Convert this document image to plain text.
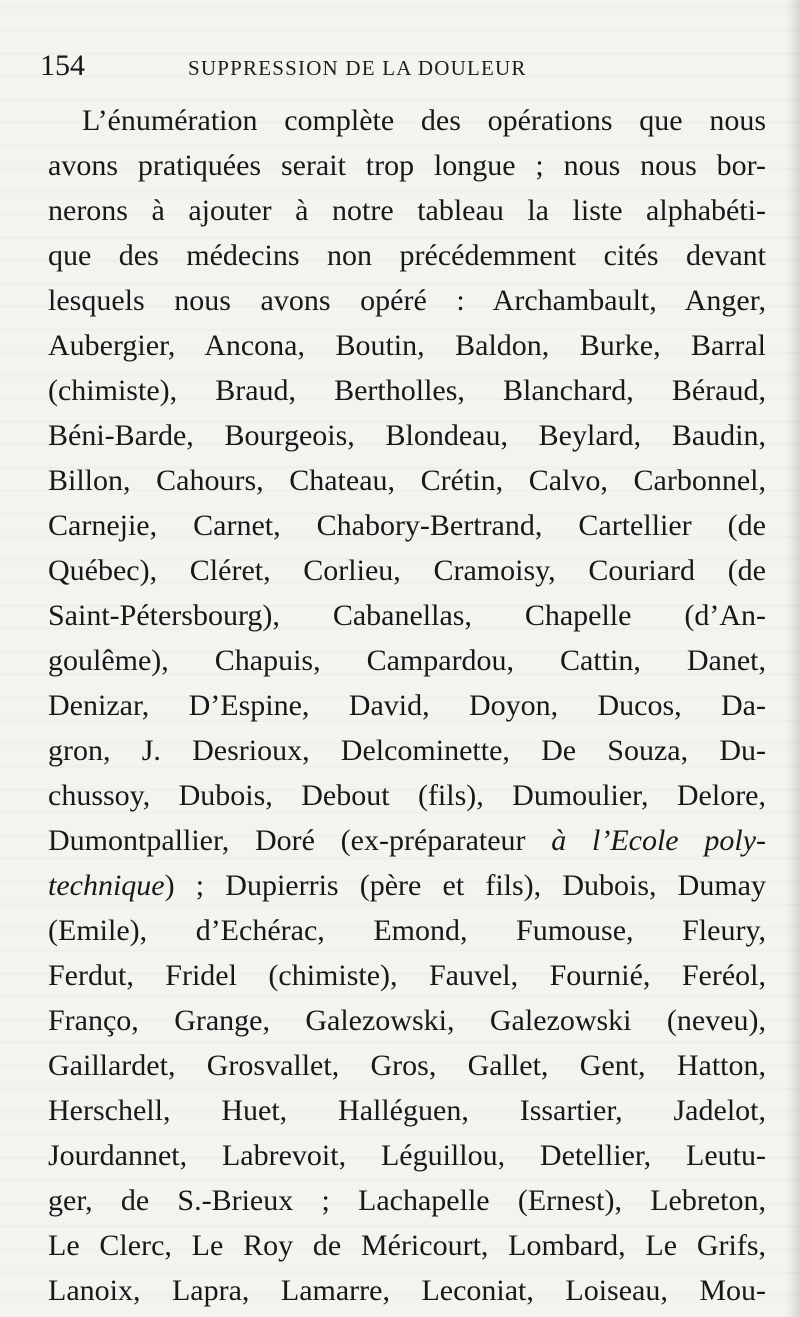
154	SUPPRESSION DE LA DOULEUR
L’énumération complète des opérations que nous
avons pratiquées serait trop longue ; nous nous bor-
nerons à ajouter à notre tableau la liste alphabéti-
que des médecins non précédemment cités devant
lesquels nous avons opéré : Archambault, Anger,
Aubergier, Ancona, Boutin, Baldon, Burke, Barral
(chimiste), Braud, Bertholles, Blanchard, Béraud,
Béni-Barde, Bourgeois, Blondeau, Beylard, Baudin,
Billon, Cahours, Chateau, Crétin, Calvo, Carbonnel,
Carnejie, Carnet, Chabory-Bertrand, Cartellier (de
Québec), Cléret, Corlieu, Cramoisy, Couriard (de
Saint-Pétersbourg), Cabanellas, Chapelle (d’An-
goulême), Chapuis, Campardou, Cattin, Danet,
Denizar, D’Espine, David, Doyon, Ducos, Da-
gron, J. Desrioux, Delcominette, De Souza, Du-
chussoy, Dubois, Debout (fils), Dumoulier, Delore,
Dumontpallier, Doré (ex-préparateur à l’Ecole poly-
technique) ; Dupierris (père et fils), Dubois, Dumay
(Emile), d’Echérac, Emond, Fumouse, Fleury,
Ferdut, Fridel (chimiste), Fauvel, Fournié, Feréol,
Franço, Grange, Galezowski, Galezowski (neveu),
Gaillardet, Grosvallet, Gros, Gallet, Gent, Hatton,
Herschell, Huet, Halléguen, Issartier, Jadelot,
Jourdannet, Labrevoit, Léguillou, Detellier, Leutu-
ger, de S.-Brieux ; Lachapelle (Ernest), Lebreton,
Le Clerc, Le Roy de Méricourt, Lombard, Le Grifs,
Lanoix, Lapra, Lamarre, Leconiat, Loiseau, Mou-
